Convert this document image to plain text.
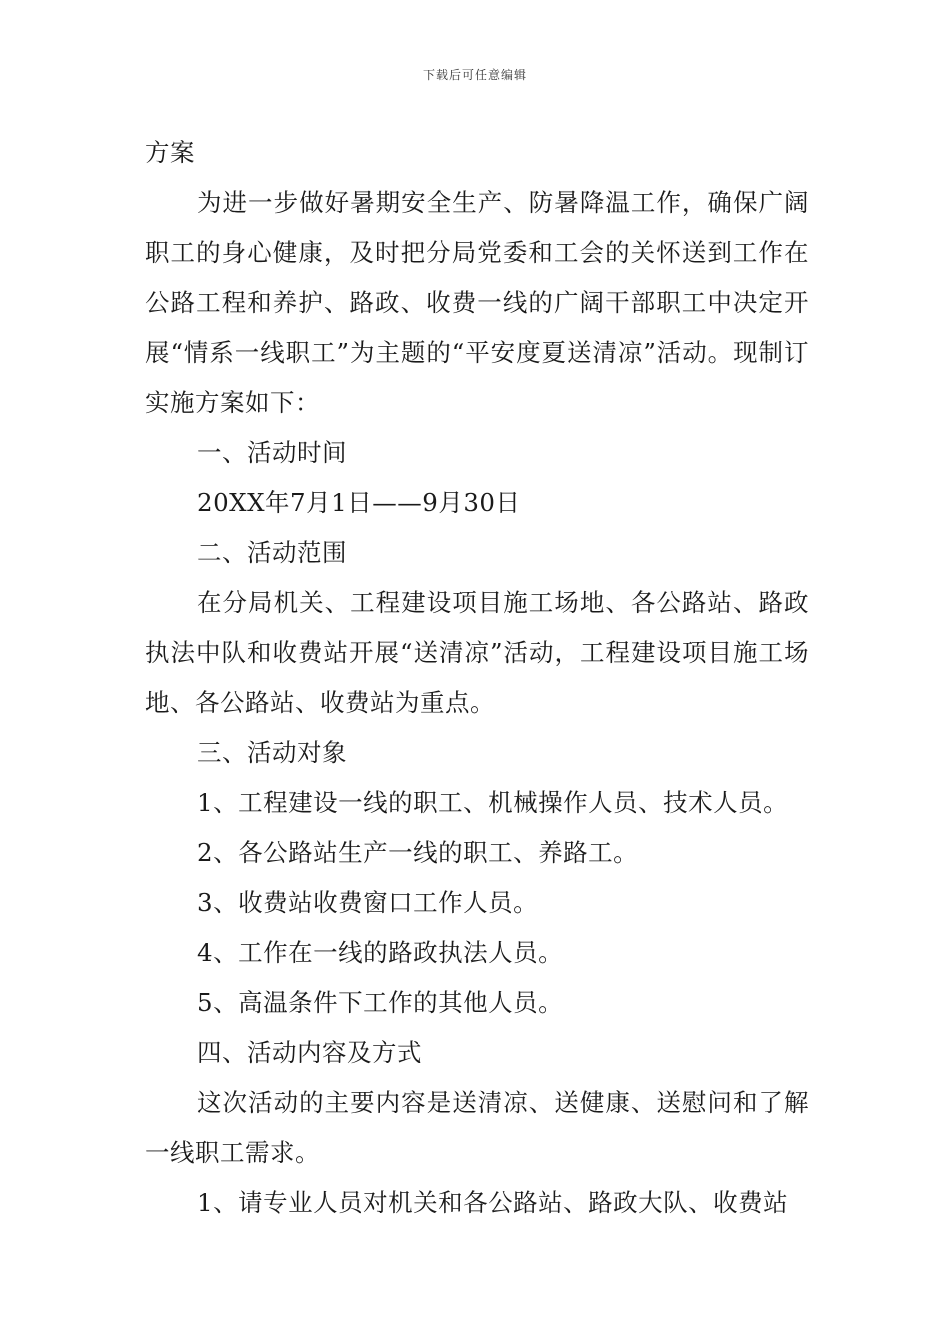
下载后可任意编辑

方案

为进一步做好暑期安全生产、防暑降温工作，确保广阔职工的身心健康，及时把分局党委和工会的关怀送到工作在公路工程和养护、路政、收费一线的广阔干部职工中决定开展“情系一线职工”为主题的“平安度夏送清凉”活动。现制订实施方案如下：

一、活动时间

20XX年7月1日——9月30日

二、活动范围

在分局机关、工程建设项目施工场地、各公路站、路政执法中队和收费站开展“送清凉”活动，工程建设项目施工场地、各公路站、收费站为重点。

三、活动对象

1、工程建设一线的职工、机械操作人员、技术人员。

2、各公路站生产一线的职工、养路工。

3、收费站收费窗口工作人员。

4、工作在一线的路政执法人员。

5、高温条件下工作的其他人员。

四、活动内容及方式

这次活动的主要内容是送清凉、送健康、送慰问和了解一线职工需求。

1、请专业人员对机关和各公路站、路政大队、收费站
